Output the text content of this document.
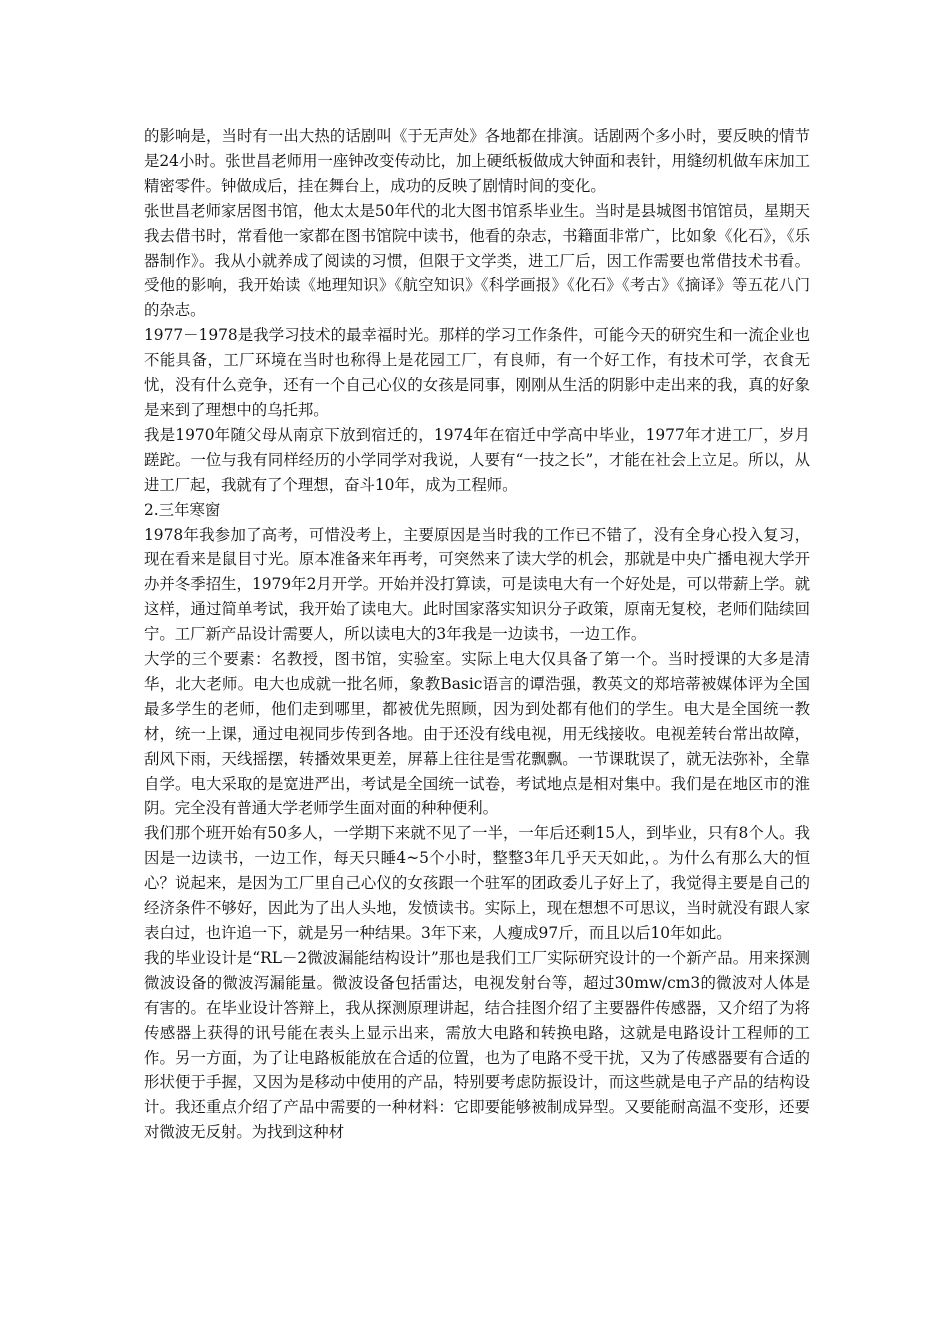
的影响是，当时有一出大热的话剧叫《于无声处》各地都在排演。话剧两个多小时，要反映的情节是24小时。张世昌老师用一座钟改变传动比，加上硬纸板做成大钟面和表针，用缝纫机做车床加工精密零件。钟做成后，挂在舞台上，成功的反映了剧情时间的变化。

张世昌老师家居图书馆，他太太是50年代的北大图书馆系毕业生。当时是县城图书馆馆员，星期天我去借书时，常看他一家都在图书馆院中读书，他看的杂志，书籍面非常广，比如象《化石》，《乐器制作》。我从小就养成了阅读的习惯，但限于文学类，进工厂后，因工作需要也常借技术书看。受他的影响，我开始读《地理知识》《航空知识》《科学画报》《化石》《考古》《摘译》等五花八门的杂志。

1977－1978是我学习技术的最幸福时光。那样的学习工作条件，可能今天的研究生和一流企业也不能具备，工厂环境在当时也称得上是花园工厂，有良师，有一个好工作，有技术可学，衣食无忧，没有什么竞争，还有一个自己心仪的女孩是同事，刚刚从生活的阴影中走出来的我，真的好象是来到了理想中的乌托邦。

我是1970年随父母从南京下放到宿迁的，1974年在宿迁中学高中毕业，1977年才进工厂，岁月蹉跎。一位与我有同样经历的小学同学对我说，人要有“一技之长”，才能在社会上立足。所以，从进工厂起，我就有了个理想，奋斗10年，成为工程师。

2.三年寒窗

1978年我参加了高考，可惜没考上，主要原因是当时我的工作已不错了，没有全身心投入复习，现在看来是鼠目寸光。原本准备来年再考，可突然来了读大学的机会，那就是中央广播电视大学开办并冬季招生，1979年2月开学。开始并没打算读，可是读电大有一个好处是，可以带薪上学。就这样，通过简单考试，我开始了读电大。此时国家落实知识分子政策，原南无复校，老师们陆续回宁。工厂新产品设计需要人，所以读电大的3年我是一边读书，一边工作。

大学的三个要素：名教授，图书馆，实验室。实际上电大仅具备了第一个。当时授课的大多是清华，北大老师。电大也成就一批名师，象教Basic语言的谭浩强，教英文的郑培蒂被媒体评为全国最多学生的老师，他们走到哪里，都被优先照顾，因为到处都有他们的学生。电大是全国统一教材，统一上课，通过电视同步传到各地。由于还没有线电视，用无线接收。电视差转台常出故障，刮风下雨，天线摇摆，转播效果更差，屏幕上往往是雪花飘飘。一节课耽误了，就无法弥补，全靠自学。电大采取的是宽进严出，考试是全国统一试卷，考试地点是相对集中。我们是在地区市的淮阴。完全没有普通大学老师学生面对面的种种便利。

我们那个班开始有50多人，一学期下来就不见了一半，一年后还剩15人，到毕业，只有8个人。我因是一边读书，一边工作，每天只睡4~5个小时，整整3年几乎天天如此，。为什么有那么大的恒心？说起来，是因为工厂里自己心仪的女孩跟一个驻军的团政委儿子好上了，我觉得主要是自己的经济条件不够好，因此为了出人头地，发愤读书。实际上，现在想想不可思议，当时就没有跟人家表白过，也许追一下，就是另一种结果。3年下来，人瘦成97斤，而且以后10年如此。

我的毕业设计是“RL－2微波漏能结构设计”那也是我们工厂实际研究设计的一个新产品。用来探测微波设备的微波泻漏能量。微波设备包括雷达，电视发射台等，超过30mw/cm3的微波对人体是有害的。在毕业设计答辩上，我从探测原理讲起，结合挂图介绍了主要器件传感器，又介绍了为将传感器上获得的讯号能在表头上显示出来，需放大电路和转换电路，这就是电路设计工程师的工作。另一方面，为了让电路板能放在合适的位置，也为了电路不受干扰，又为了传感器要有合适的形状便于手握，又因为是移动中使用的产品，特别要考虑防振设计，而这些就是电子产品的结构设计。我还重点介绍了产品中需要的一种材料：它即要能够被制成异型。又要能耐高温不变形，还要对微波无反射。为找到这种材
